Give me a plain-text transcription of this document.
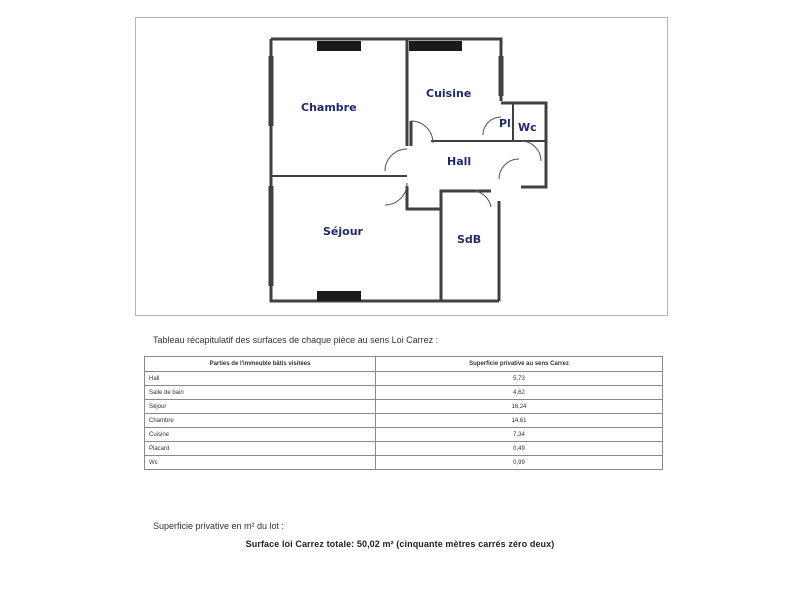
Chambre
Cuisine
Pl Wc
Hall
Séjour
SdB
Tableau récapitulatif des surfaces de chaque pièce au sens Loi Carrez :
Parties de l'immeuble bâtis visitées	Superficie privative au sens Carrez
Hall	5,73
Salle de bain	4,62
Séjour	16,24
Chambre	14,61
Cuisine	7,34
Placard	0,49
Wc	0,99
Superficie privative en m² du lot :
Surface loi Carrez totale: 50,02 m² (cinquante mètres carrés zéro deux)
